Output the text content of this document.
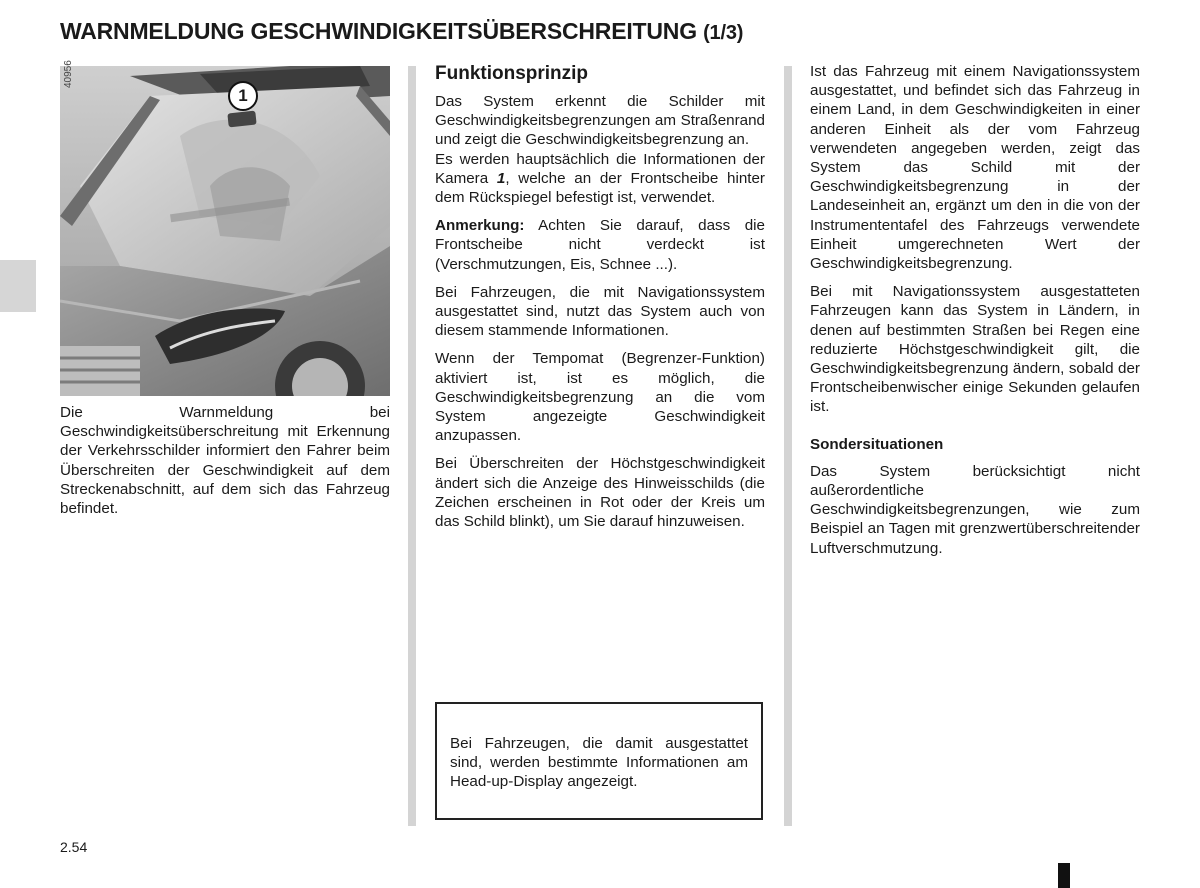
WARNMELDUNG GESCHWINDIGKEITSÜBERSCHREITUNG (1/3)
40956
1

Die Warnmeldung bei Geschwindigkeitsüberschreitung mit Erkennung der Verkehrsschilder informiert den Fahrer beim Überschreiten der Geschwindigkeit auf dem Streckenabschnitt, auf dem sich das Fahrzeug befindet.

Funktionsprinzip

Das System erkennt die Schilder mit Geschwindigkeitsbegrenzungen am Straßenrand und zeigt die Geschwindigkeitsbegrenzung an.

Es werden hauptsächlich die Informationen der Kamera 1, welche an der Frontscheibe hinter dem Rückspiegel befestigt ist, verwendet.

Anmerkung: Achten Sie darauf, dass die Frontscheibe nicht verdeckt ist (Verschmutzungen, Eis, Schnee ...).

Bei Fahrzeugen, die mit Navigationssystem ausgestattet sind, nutzt das System auch von diesem stammende Informationen.

Wenn der Tempomat (Begrenzer-Funktion) aktiviert ist, ist es möglich, die Geschwindigkeitsbegrenzung an die vom System angezeigte Geschwindigkeit anzupassen.

Bei Überschreiten der Höchstgeschwindigkeit ändert sich die Anzeige des Hinweisschilds (die Zeichen erscheinen in Rot oder der Kreis um das Schild blinkt), um Sie darauf hinzuweisen.

Bei Fahrzeugen, die damit ausgestattet sind, werden bestimmte Informationen am Head-up-Display angezeigt.

Ist das Fahrzeug mit einem Navigationssystem ausgestattet, und befindet sich das Fahrzeug in einem Land, in dem Geschwindigkeiten in einer anderen Einheit als der vom Fahrzeug verwendeten angegeben werden, zeigt das System das Schild mit der Geschwindigkeitsbegrenzung in der Landeseinheit an, ergänzt um den in die von der Instrumententafel des Fahrzeugs verwendete Einheit umgerechneten Wert der Geschwindigkeitsbegrenzung.

Bei mit Navigationssystem ausgestatteten Fahrzeugen kann das System in Ländern, in denen auf bestimmten Straßen bei Regen eine reduzierte Höchstgeschwindigkeit gilt, die Geschwindigkeitsbegrenzung ändern, sobald der Frontscheibenwischer einige Sekunden gelaufen ist.

Sondersituationen

Das System berücksichtigt nicht außerordentliche Geschwindigkeitsbegrenzungen, wie zum Beispiel an Tagen mit grenzwertüberschreitender Luftverschmutzung.

2.54
